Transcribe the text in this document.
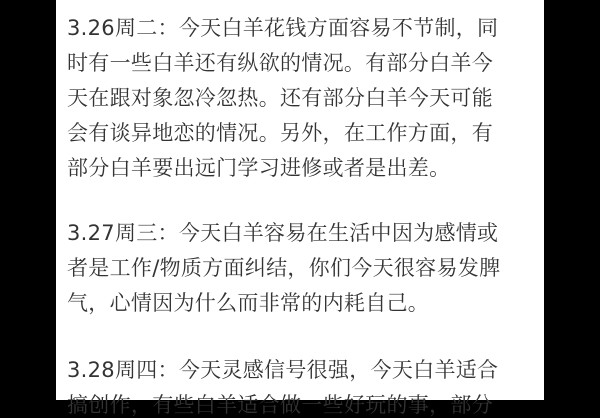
3.26周二：今天白羊花钱方面容易不节制，同
时有一些白羊还有纵欲的情况。有部分白羊今
天在跟对象忽冷忽热。还有部分白羊今天可能
会有谈异地恋的情况。另外，在工作方面，有
部分白羊要出远门学习进修或者是出差。
3.27周三：今天白羊容易在生活中因为感情或
者是工作/物质方面纠结，你们今天很容易发脾
气，心情因为什么而非常的内耗自己。
3.28周四：今天灵感信号很强，今天白羊适合
搞创作，有些白羊适合做一些好玩的事，部分
